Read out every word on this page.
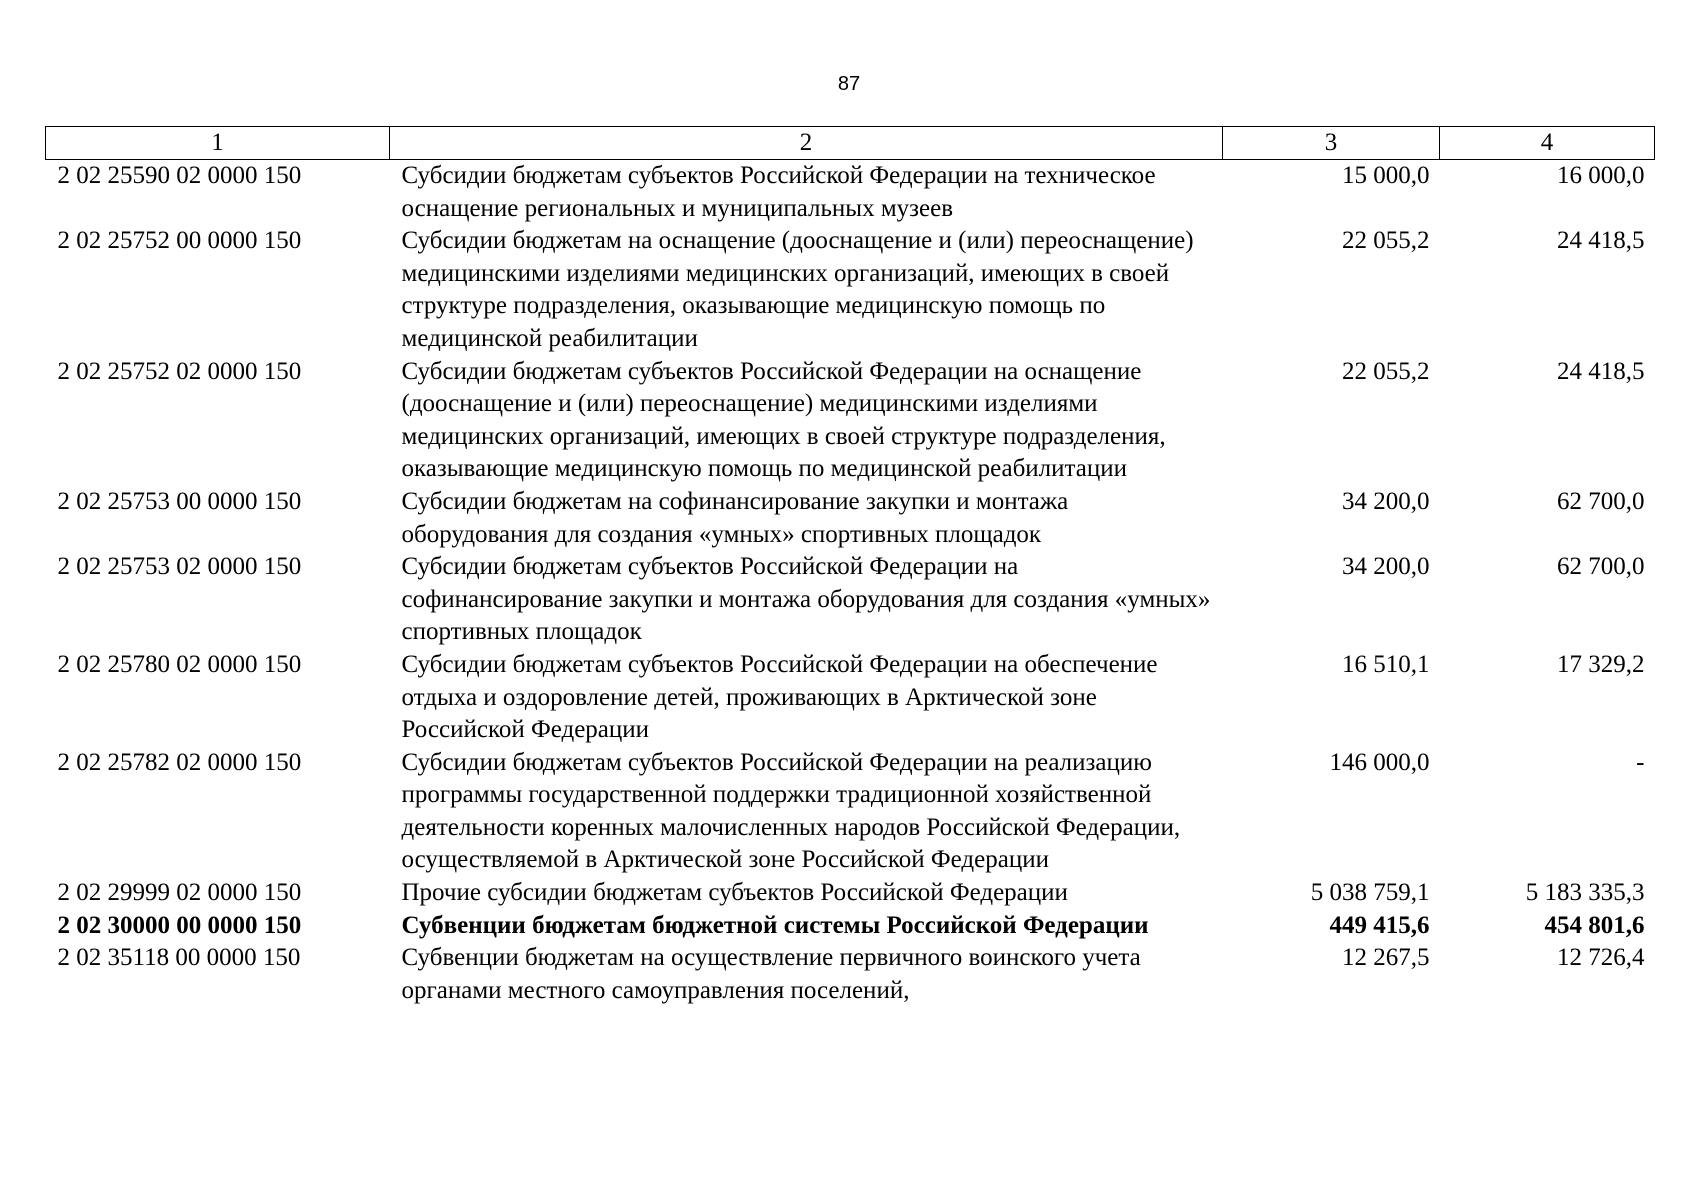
87
1	2	3	4
2 02 25590 02 0000 150	Субсидии бюджетам субъектов Российской Федерации на техническое оснащение региональных и муниципальных музеев	15 000,0	16 000,0
2 02 25752 00 0000 150	Субсидии бюджетам на оснащение (дооснащение и (или) переоснащение) медицинскими изделиями медицинских организаций, имеющих в своей структуре подразделения, оказывающие медицинскую помощь по медицинской реабилитации	22 055,2	24 418,5
2 02 25752 02 0000 150	Субсидии бюджетам субъектов Российской Федерации на оснащение (дооснащение и (или) переоснащение) медицинскими изделиями медицинских организаций, имеющих в своей структуре подразделения, оказывающие медицинскую помощь по медицинской реабилитации	22 055,2	24 418,5
2 02 25753 00 0000 150	Субсидии бюджетам на софинансирование закупки и монтажа оборудования для создания «умных» спортивных площадок	34 200,0	62 700,0
2 02 25753 02 0000 150	Субсидии бюджетам субъектов Российской Федерации на софинансирование закупки и монтажа оборудования для создания «умных» спортивных площадок	34 200,0	62 700,0
2 02 25780 02 0000 150	Субсидии бюджетам субъектов Российской Федерации на обеспечение отдыха и оздоровление детей, проживающих в Арктической зоне Российской Федерации	16 510,1	17 329,2
2 02 25782 02 0000 150	Субсидии бюджетам субъектов Российской Федерации на реализацию программы государственной поддержки традиционной хозяйственной деятельности коренных малочисленных народов Российской Федерации, осуществляемой в Арктической зоне Российской Федерации	146 000,0	-
2 02 29999 02 0000 150	Прочие субсидии бюджетам субъектов Российской Федерации	5 038 759,1	5 183 335,3
2 02 30000 00 0000 150	Субвенции бюджетам бюджетной системы Российской Федерации	449 415,6	454 801,6
2 02 35118 00 0000 150	Субвенции бюджетам на осуществление первичного воинского учета органами местного самоуправления поселений,	12 267,5	12 726,4
